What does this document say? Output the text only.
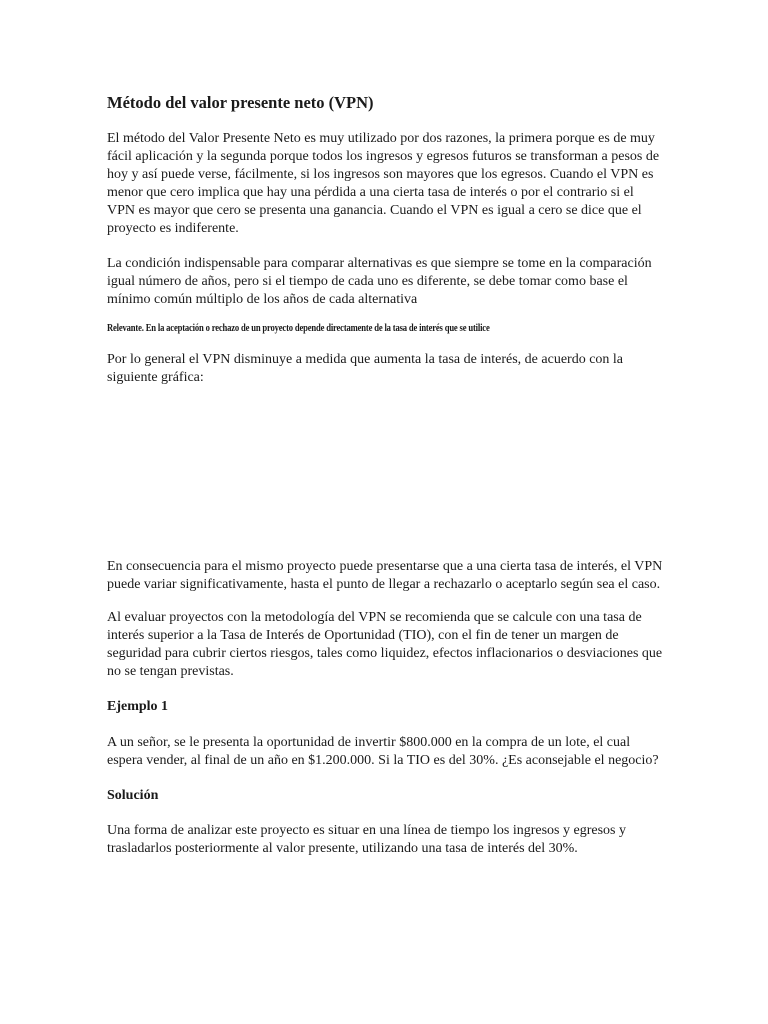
Método del valor presente neto (VPN)

El método del Valor Presente Neto es muy utilizado por dos razones, la primera porque es de muy fácil aplicación y la segunda porque todos los ingresos y egresos futuros se transforman a pesos de hoy y así puede verse, fácilmente, si los ingresos son mayores que los egresos. Cuando el VPN es menor que cero implica que hay una pérdida a una cierta tasa de interés o por el contrario si el VPN es mayor que cero se presenta una ganancia. Cuando el VPN es igual a cero se dice que el proyecto es indiferente.

La condición indispensable para comparar alternativas es que siempre se tome en la comparación igual número de años, pero si el tiempo de cada uno es diferente, se debe tomar como base el mínimo común múltiplo de los años de cada alternativa

Relevante. En la aceptación o rechazo de un proyecto depende directamente de la tasa de interés que se utilice

Por lo general el VPN disminuye a medida que aumenta la tasa de interés, de acuerdo con la siguiente gráfica:

En consecuencia para el mismo proyecto puede presentarse que a una cierta tasa de interés, el VPN puede variar significativamente, hasta el punto de llegar a rechazarlo o aceptarlo según sea el caso.

Al evaluar proyectos con la metodología del VPN se recomienda que se calcule con una tasa de interés superior a la Tasa de Interés de Oportunidad (TIO), con el fin de tener un margen de seguridad para cubrir ciertos riesgos, tales como liquidez, efectos inflacionarios o desviaciones que no se tengan previstas.

Ejemplo 1

A un señor, se le presenta la oportunidad de invertir $800.000 en la compra de un lote, el cual espera vender, al final de un año en $1.200.000. Si la TIO es del 30%. ¿Es aconsejable el negocio?

Solución

Una forma de analizar este proyecto es situar en una línea de tiempo los ingresos y egresos y trasladarlos posteriormente al valor presente, utilizando una tasa de interés del 30%.
